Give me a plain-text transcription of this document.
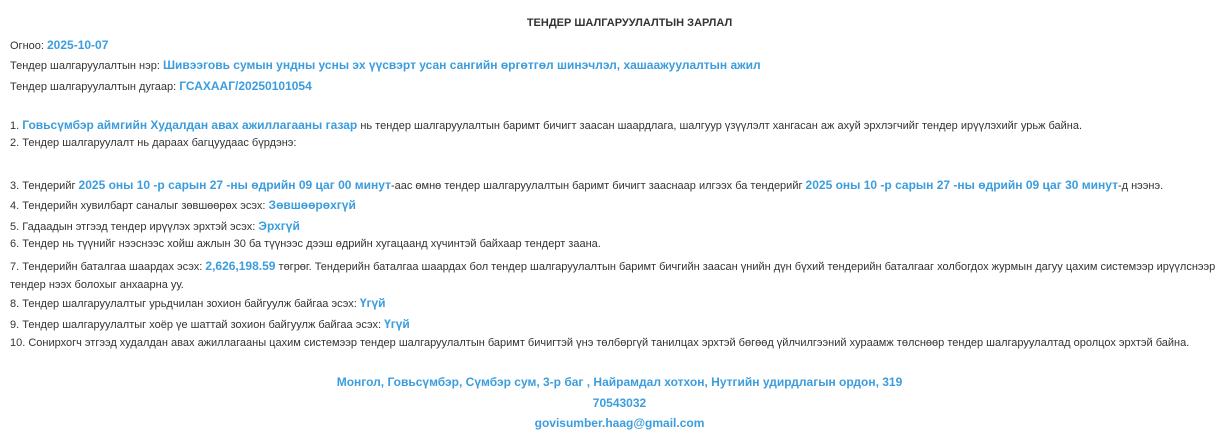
ТЕНДЕР ШАЛГАРУУЛАЛТЫН ЗАРЛАЛ
Огноо: 2025-10-07
Тендер шалгаруулалтын нэр: Шивээговь сумын ундны усны эх үүсвэрт усан сангийн өргөтгөл шинэчлэл, хашаажуулалтын ажил
Тендер шалгаруулалтын дугаар: ГСАХААГ/20250101054
1. Говьсүмбэр аймгийн Худалдан авах ажиллагааны газар нь тендер шалгаруулалтын баримт бичигт заасан шаардлага, шалгуур үзүүлэлт хангасан аж ахуй эрхлэгчийг тендер ирүүлэхийг урьж байна.
2. Тендер шалгаруулалт нь дараах багцуудаас бүрдэнэ:
3. Тендерийг 2025 оны 10 -р сарын 27 -ны өдрийн 09 цаг 00 минут-аас өмнө тендер шалгаруулалтын баримт бичигт зааснаар илгээх ба тендерийг 2025 оны 10 -р сарын 27 -ны өдрийн 09 цаг 30 минут-д нээнэ.
4. Тендерийн хувилбарт саналыг зөвшөөрөх эсэх: Зөвшөөрөхгүй
5. Гадаадын этгээд тендер ирүүлэх эрхтэй эсэх: Эрхгүй
6. Тендер нь түүнийг нээснээс хойш ажлын 30 ба түүнээс дээш өдрийн хугацаанд хүчинтэй байхаар тендерт заана.
7. Тендерийн баталгаа шаардах эсэх: 2,626,198.59 төгрөг. Тендерийн баталгаа шаардах бол тендер шалгаруулалтын баримт бичгийн заасан үнийн дүн бүхий тендерийн баталгааг холбогдох журмын дагуу цахим системээр ирүүлснээр тендер нээх болохыг анхаарна уу.
8. Тендер шалгаруулалтыг урьдчилан зохион байгуулж байгаа эсэх: Үгүй
9. Тендер шалгаруулалтыг хоёр үе шаттай зохион байгуулж байгаа эсэх: Үгүй
10. Сонирхогч этгээд худалдан авах ажиллагааны цахим системээр тендер шалгаруулалтын баримт бичигтэй үнэ төлбөргүй танилцах эрхтэй бөгөөд үйлчилгээний хураамж төлснөөр тендер шалгаруулалтад оролцох эрхтэй байна.
Монгол, Говьсүмбэр, Сүмбэр сум, 3-р баг , Найрамдал хотхон, Нутгийн удирдлагын ордон, 319
70543032
govisumber.haag@gmail.com
